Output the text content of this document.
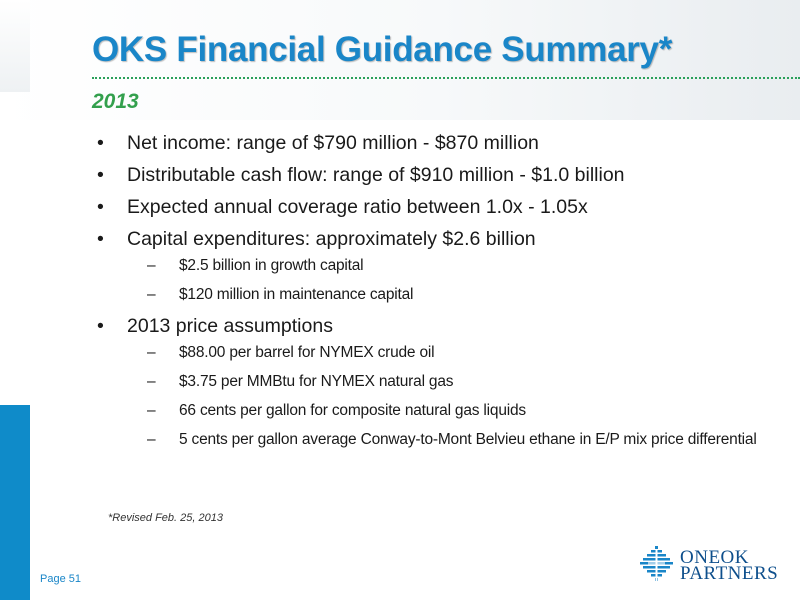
OKS Financial Guidance Summary*
2013
• Net income: range of $790 million - $870 million
• Distributable cash flow: range of $910 million - $1.0 billion
• Expected annual coverage ratio between 1.0x - 1.05x
• Capital expenditures: approximately $2.6 billion
– $2.5 billion in growth capital
– $120 million in maintenance capital
• 2013 price assumptions
– $88.00 per barrel for NYMEX crude oil
– $3.75 per MMBtu for NYMEX natural gas
– 66 cents per gallon for composite natural gas liquids
– 5 cents per gallon average Conway-to-Mont Belvieu ethane in E/P mix price differential
*Revised Feb. 25, 2013
Page 51
ONEOK
PARTNERS
